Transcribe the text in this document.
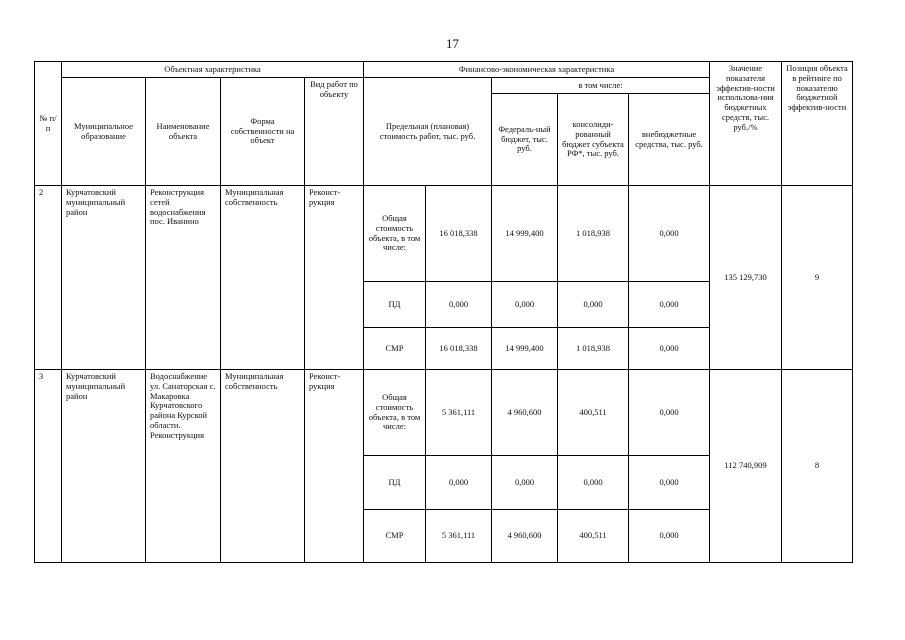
17
№ п/п	Объектная характеристика				Финансово-экономическая характеристика					Значение показателя эффектив-ности использова-ния бюджетных средств, тыс. руб./%	Позиция объекта в рейтинге по показателю бюджетной эффектив-ности
	Муниципальное образование	Наименование объекта	Форма собственности на объект	Вид работ по объекту	Предельная (плановая) стоимость работ, тыс. руб.		в том числе:				
							Федераль-ный бюджет, тыс. руб.	консолиди-рованный бюджет субъекта РФ*, тыс. руб.	внебюджетные средства, тыс. руб.		
2	Курчатовский муниципальный район	Реконструкция сетей водоснабжения пос. Иванино	Муниципальная собственность	Реконст-рукция	Общая стоимость объекта, в том числе:	16 018,338	14 999,400	1 018,938	0,000	135 129,730	9
					ПД	0,000	0,000	0,000	0,000		
					СМР	16 018,338	14 999,400	1 018,938	0,000		
3	Курчатовский муниципальный район	Водоснабжение ул. Санаторская с. Макаровка Курчатовского района Курской области. Реконструкция	Муниципальная собственность	Реконст-рукция	Общая стоимость объекта, в том числе:	5 361,111	4 960,600	400,511	0,000	112 740,909	8
					ПД	0,000	0,000	0,000	0,000		
					СМР	5 361,111	4 960,600	400,511	0,000		
